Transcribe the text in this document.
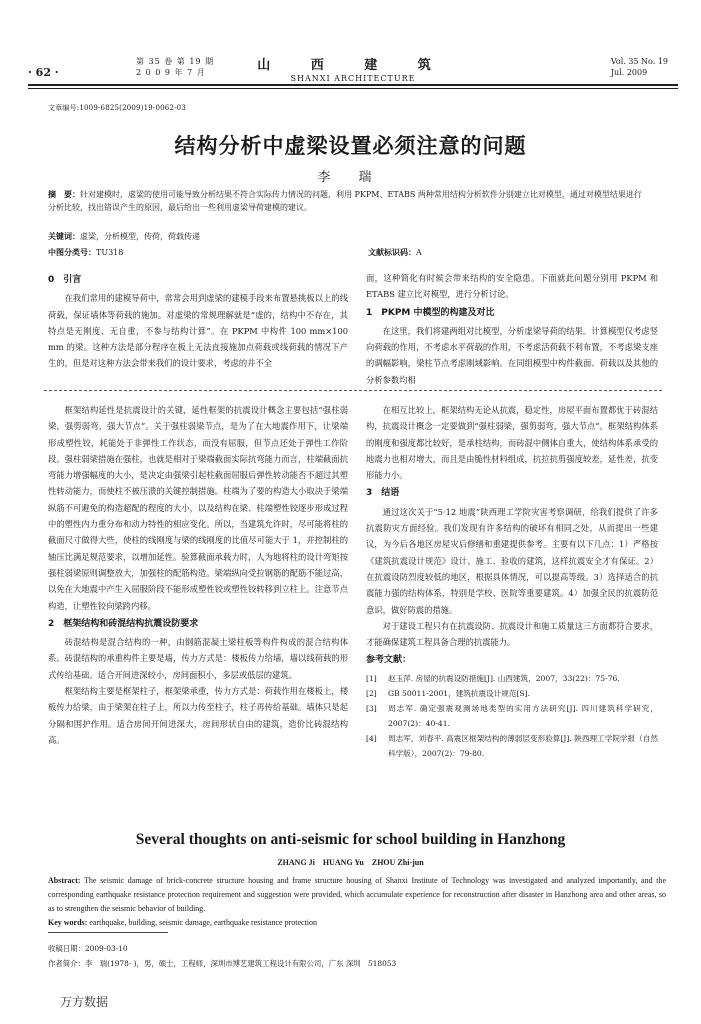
· 62 ·
第 35 卷 第 19 期
2 0 0 9 年 7 月	山 西 建 筑
SHANXI ARCHITECTURE
Vol. 35 No. 19
Jul. 2009
文章编号:1009-6825(2009)19-0062-03
结构分析中虚梁设置必须注意的问题
李 瑞
摘　要：针对建模时，虚梁的使用可能导致分析结果不符合实际传力情况的问题，利用 PKPM、ETABS 两种常用结构分析软件分别建立比对模型，通过对模型结果进行分析比较，找出错误产生的原因，最后给出一些利用虚梁导荷建模的建议。
关键词：虚梁，分析模型，传荷，荷载传递
中图分类号：TU318	文献标识码：A
0　引言

在我们常用的建模导荷中，常常会用到虚梁的建模手段来布置悬挑板以上的线荷载，保证墙体等荷载的施加。对虚梁的常规理解就是“虚的，结构中不存在，其特点是无刚度、无自重，不参与结构计算”。在 PKPM 中构件 100 mm×100 mm 的梁。这种方法是部分程序在板上无法直接施加点荷载或线荷载的情况下产生的，但是对这种方法会带来我们的设计要求，考虑的并不全

面，这种简化有时候会带来结构的安全隐患。下面就此问题分别用 PKPM 和 ETABS 建立比对模型，进行分析讨论。

1　PKPM 中模型的构建及对比

在这里，我们将建两组对比模型，分析虚梁导荷的结果。计算模型仅考虑竖向荷载的作用，不考虑水平荷载的作用，不考虑活荷载不利布置，不考虑梁支座的调幅影响，梁柱节点考虑刚域影响。在同组模型中构件截面、荷载以及其他的分析参数均相

框架结构延性是抗震设计的关键，延性框架的抗震设计概念主要包括“强柱弱梁，强剪弱弯，强大节点”。关于强柱弱梁节点，是为了在大地震作用下，让梁端形成塑性铰，耗能处于非弹性工作状态，而没有屈服，但节点还处于弹性工作阶段。强柱弱梁措施在强柱，也就是相对于梁端截面实际抗弯能力而言，柱端截面抗弯能力增强幅度的大小，是决定由强梁引起柱截面屈服后弹性转动能否不超过其塑性转动能力，而使柱不被压溃的关键控制措施。柱端为了要的构造大小取决于梁端纵筋不可避免的构造超配的程度的大小，以及结构在梁、柱端塑性铰逐步形成过程中的塑性内力重分布和动力特性的相应变化。所以，当建筑允许时，尽可能将柱的截面尺寸做得大些，使柱的线刚度与梁的线刚度的比值尽可能大于 1，并控制柱的轴压比满足规范要求，以增加延性。验算截面承载力时，人为地将柱的设计弯矩按强柱弱梁原则调整放大，加强柱的配筋构造。梁端纵向受拉钢筋的配筋不能过高，以免在大地震中产生入屈服阶段不能形成塑性铰或塑性铰转移到立柱上。注意节点构造，让塑性铰向梁跨内移。

2　框架结构和砖混结构抗震设防要求

砖混结构是混合结构的一种，由钢筋混凝土梁柱板等构件构成的混合结构体系。砖混结构的承重构件主要是墙，传力方式是：楼板传力给墙，墙以线荷载的形式传给基础。适合开间进深较小，房间面积小，多层或低层的建筑。

框架结构主要是框架柱子，框架梁承重，传力方式是：荷载作用在楼板上，楼板传力给梁，由于梁架在柱子上，所以力传至柱子，柱子再传给基础。墙体只是起分隔和围护作用。适合房间开间进深大，房间形状自由的建筑，造价比砖混结构高。

在相互比较上，框架结构无论从抗震，稳定性，房屋平面布置都优于砖混结构，抗震设计概念一定要做到“强柱弱梁，强剪弱弯，强大节点”。框架结构体系的刚度和强度都比较好，是承柱结构，而砖混中侧体自重大，使结构体系承受的地震力也相对增大，而且是由脆性材料组成，抗拉抗剪强度较差，延性差，抗变形能力小。

3　结语

通过这次关于“5·12 地震”陕西理工学院灾害考察调研，给我们提供了许多抗震防灾方面经验。我们发现有许多结构的破坏有相同之处，从而提出一些建议，为今后各地区房屋灾后修缮和重建提供参考。主要有以下几点：1）严格按《建筑抗震设计规范》设计、施工、验收的建筑，这样抗震安全才有保证。2）在抗震设防烈度较低的地区，根据具体情况，可以提高等级。3）选择适合的抗震能力强的结构体系，特别是学校、医院等重要建筑。4）加强全民的抗震防范意识，做好防震的措施。

对于建设工程只有在抗震设防、抗震设计和施工质量这三方面都符合要求，才能确保建筑工程具备合理的抗震能力。

参考文献：
[1]	赵玉萍. 房屋的抗震设防措施[J]. 山西建筑，2007，33(22)：75-76.
[2]	GB 50011-2001，建筑抗震设计规范[S].
[3]	周志军. 确定强震观测场地类型的实用方法研究[J]. 四川建筑科学研究，2007(2)：40-41.
[4]	周志军，刘春平. 高震区框架结构的薄弱层变形验算[J]. 陕西理工学院学报（自然科学版），2007(2)：79-80.
Several thoughts on anti-seismic for school building in Hanzhong
ZHANG Ji　HUANG Yu　ZHOU Zhi-jun
Abstract: The seismic damage of brick-concrete structure housing and frame structure housing of Shanxi Institute of Technology was investigated and analyzed importantly, and the corresponding earthquake resistance protection requirement and suggestion were provided, which accumulate experience for reconstruction after disaster in Hanzhong area and other areas, so as to strengthen the seismic behavior of building.
Key words: earthquake, building, seismic damage, earthquake resistance protection
收稿日期：2009-03-10
作者简介：李　瑞(1978- )，男，硕士，工程师，深圳市博艺建筑工程设计有限公司，广东 深圳　518053
万方数据
